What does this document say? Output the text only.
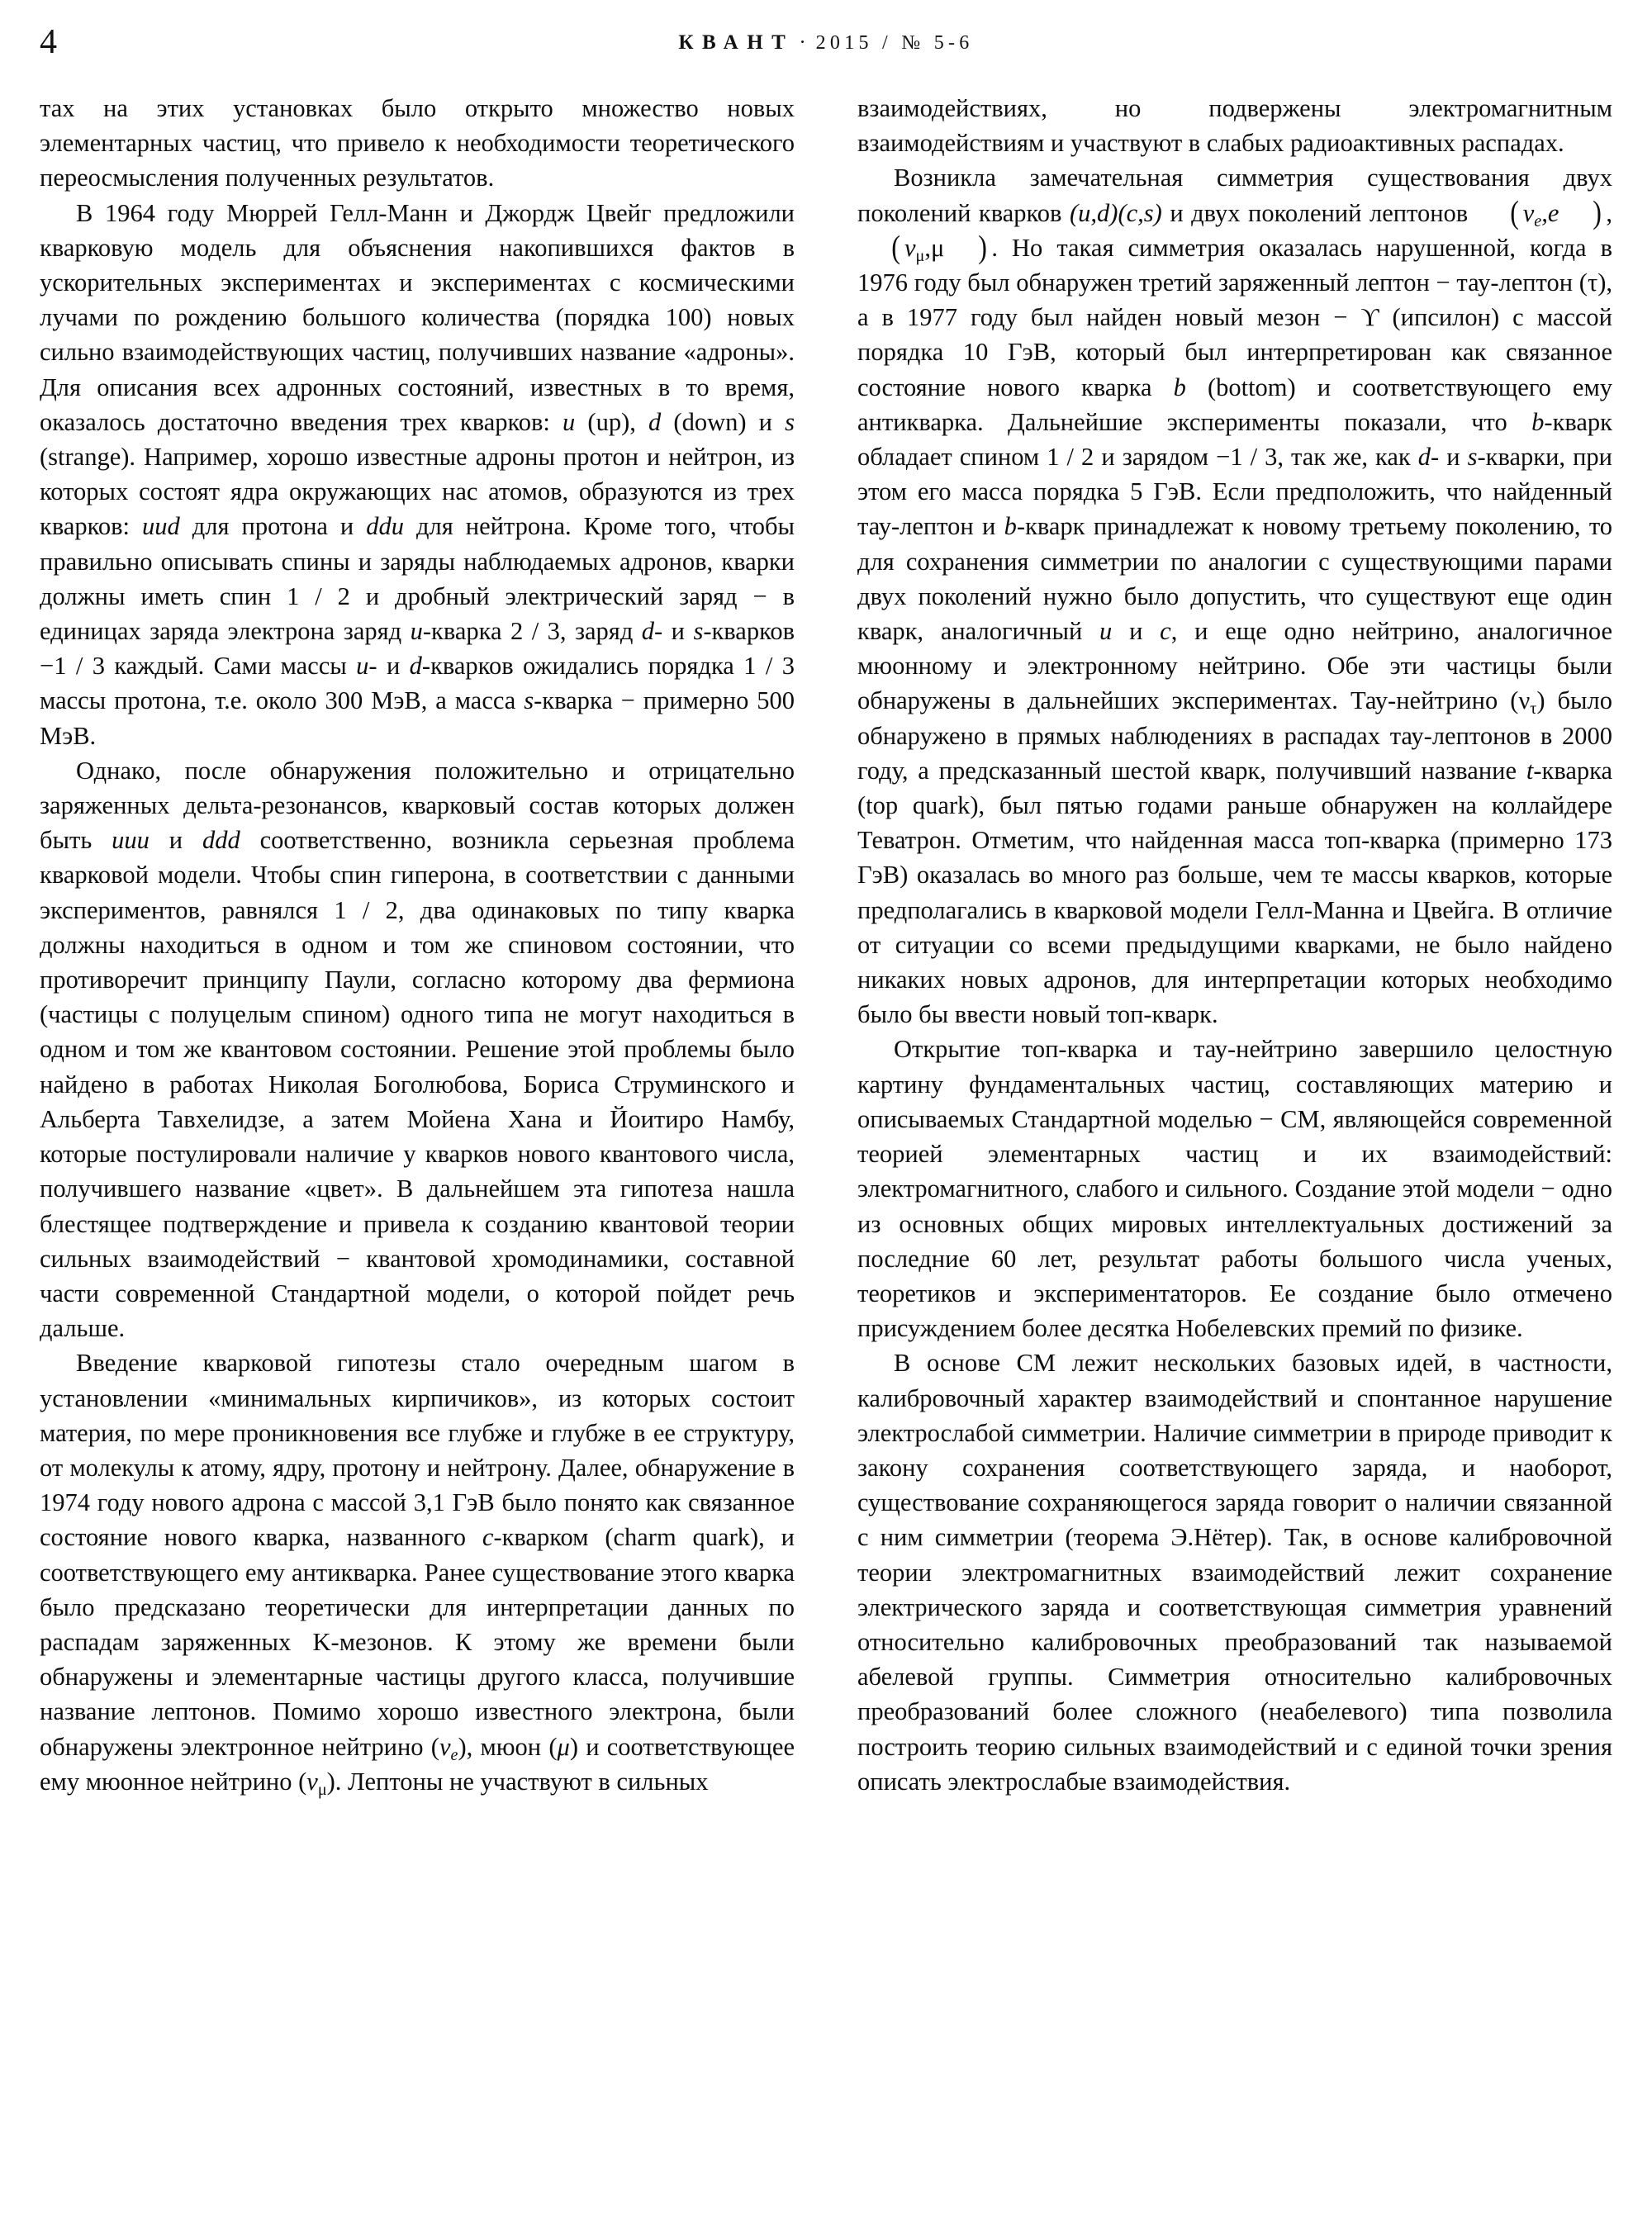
4	КВАНТ · 2015 / № 5-6

тах на этих установках было открыто множество новых элементарных частиц, что привело к необходимости теоретического переосмысления полученных результатов.

В 1964 году Мюррей Гелл-Манн и Джордж Цвейг предложили кварковую модель для объяснения накопившихся фактов в ускорительных экспериментах и экспериментах с космическими лучами по рождению большого количества (порядка 100) новых сильно взаимодействующих частиц, получивших название «адроны». Для описания всех адронных состояний, известных в то время, оказалось достаточно введения трех кварков: u (up), d (down) и s (strange). Например, хорошо известные адроны протон и нейтрон, из которых состоят ядра окружающих нас атомов, образуются из трех кварков: uud для протона и ddu для нейтрона. Кроме того, чтобы правильно описывать спины и заряды наблюдаемых адронов, кварки должны иметь спин 1 / 2 и дробный электрический заряд − в единицах заряда электрона заряд u-кварка 2 / 3, заряд d- и s-кварков −1 / 3 каждый. Сами массы u- и d-кварков ожидались порядка 1 / 3 массы протона, т.е. около 300 МэВ, а масса s-кварка − примерно 500 МэВ.

Однако, после обнаружения положительно и отрицательно заряженных дельта-резонансов, кварковый состав которых должен быть uuu и ddd соответственно, возникла серьезная проблема кварковой модели. Чтобы спин гиперона, в соответствии с данными экспериментов, равнялся 1 / 2, два одинаковых по типу кварка должны находиться в одном и том же спиновом состоянии, что противоречит принципу Паули, согласно которому два фермиона (частицы с полуцелым спином) одного типа не могут находиться в одном и том же квантовом состоянии. Решение этой проблемы было найдено в работах Николая Боголюбова, Бориса Струминского и Альберта Тавхелидзе, а затем Мойена Хана и Йоитиро Намбу, которые постулировали наличие у кварков нового квантового числа, получившего название «цвет». В дальнейшем эта гипотеза нашла блестящее подтверждение и привела к созданию квантовой теории сильных взаимодействий − квантовой хромодинамики, составной части современной Стандартной модели, о которой пойдет речь дальше.

Введение кварковой гипотезы стало очередным шагом в установлении «минимальных кирпичиков», из которых состоит материя, по мере проникновения все глубже и глубже в ее структуру, от молекулы к атому, ядру, протону и нейтрону. Далее, обнаружение в 1974 году нового адрона с массой 3,1 ГэВ было понято как связанное состояние нового кварка, названного c-кварком (charm quark), и соответствующего ему антикварка. Ранее существование этого кварка было предсказано теоретически для интерпретации данных по распадам заряженных K-мезонов. К этому же времени были обнаружены и элементарные частицы другого класса, получившие название лептонов. Помимо хорошо известного электрона, были обнаружены электронное нейтрино $(\nu_e)$, мюон (μ) и соответствующее ему мюонное нейтрино $(\nu_\mu)$. Лептоны не участвуют в сильных

взаимодействиях, но подвержены электромагнитным взаимодействиям и участвуют в слабых радиоактивных распадах.

Возникла замечательная симметрия существования двух поколений кварков (u,d)(c,s) и двух поколений лептонов ( $\nu_e,e$ ) ,( $\nu_\mu,\mu$ ) . Но такая симметрия оказалась нарушенной, когда в 1976 году был обнаружен третий заряженный лептон − тау-лептон (τ), а в 1977 году был найден новый мезон − ϒ (ипсилон) с массой порядка 10 ГэВ, который был интерпретирован как связанное состояние нового кварка b (bottom) и соответствующего ему антикварка. Дальнейшие эксперименты показали, что b-кварк обладает спином 1 / 2 и зарядом −1 / 3, так же, как d- и s-кварки, при этом его масса порядка 5 ГэВ. Если предположить, что найденный тау-лептон и b-кварк принадлежат к новому третьему поколению, то для сохранения симметрии по аналогии с существующими парами двух поколений нужно было допустить, что существуют еще один кварк, аналогичный u и c, и еще одно нейтрино, аналогичное мюонному и электронному нейтрино. Обе эти частицы были обнаружены в дальнейших экспериментах. Тау-нейтрино $(\nu_\tau)$ было обнаружено в прямых наблюдениях в распадах тау-лептонов в 2000 году, а предсказанный шестой кварк, получивший название t-кварка (top quark), был пятью годами раньше обнаружен на коллайдере Теватрон. Отметим, что найденная масса топ-кварка (примерно 173 ГэВ) оказалась во много раз больше, чем те массы кварков, которые предполагались в кварковой модели Гелл-Манна и Цвейга. В отличие от ситуации со всеми предыдущими кварками, не было найдено никаких новых адронов, для интерпретации которых необходимо было бы ввести новый топ-кварк.

Открытие топ-кварка и тау-нейтрино завершило целостную картину фундаментальных частиц, составляющих материю и описываемых Стандартной моделью − СМ, являющейся современной теорией элементарных частиц и их взаимодействий: электромагнитного, слабого и сильного. Создание этой модели − одно из основных общих мировых интеллектуальных достижений за последние 60 лет, результат работы большого числа ученых, теоретиков и экспериментаторов. Ее создание было отмечено присуждением более десятка Нобелевских премий по физике.

В основе СМ лежит нескольких базовых идей, в частности, калибровочный характер взаимодействий и спонтанное нарушение электрослабой симметрии. Наличие симметрии в природе приводит к закону сохранения соответствующего заряда, и наоборот, существование сохраняющегося заряда говорит о наличии связанной с ним симметрии (теорема Э.Нётер). Так, в основе калибровочной теории электромагнитных взаимодействий лежит сохранение электрического заряда и соответствующая симметрия уравнений относительно калибровочных преобразований так называемой абелевой группы. Симметрия относительно калибровочных преобразований более сложного (неабелевого) типа позволила построить теорию сильных взаимодействий и с единой точки зрения описать электрослабые взаимодействия.
